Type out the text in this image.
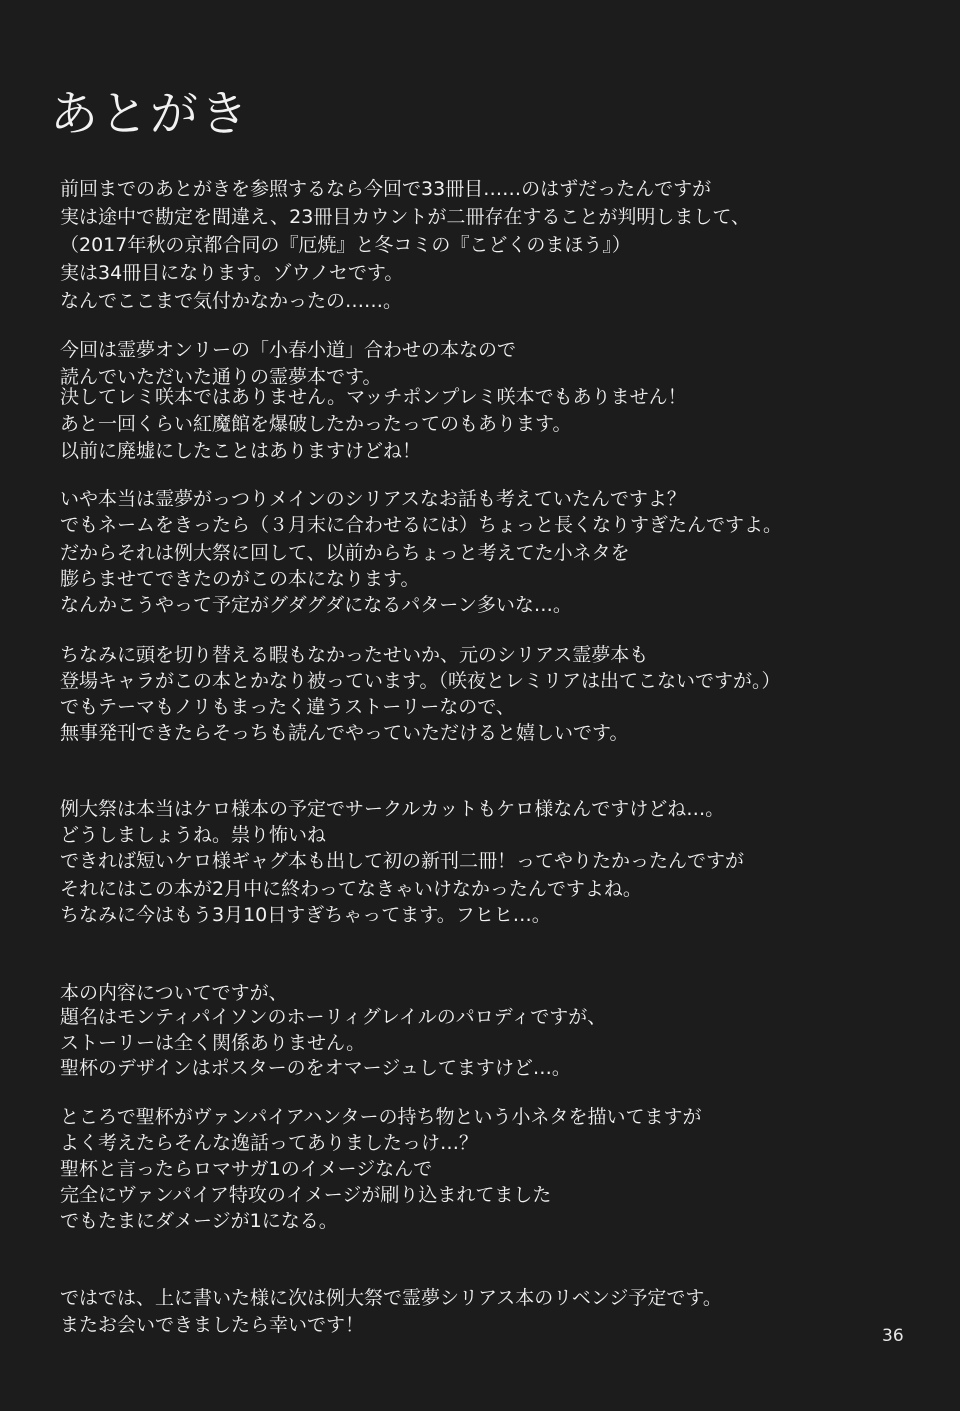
あとがき

前回までのあとがきを参照するなら今回で33冊目……のはずだったんですが

実は途中で勘定を間違え、23冊目カウントが二冊存在することが判明しまして、

（2017年秋の京都合同の『厄焼』と冬コミの『こどくのまほう』）

実は34冊目になります。ゾウノセです。

なんでここまで気付かなかったの……。

今回は霊夢オンリーの「小春小道」合わせの本なので

読んでいただいた通りの霊夢本です。

決してレミ咲本ではありません。マッチポンプレミ咲本でもありません！

あと一回くらい紅魔館を爆破したかったってのもあります。

以前に廃墟にしたことはありますけどね！

いや本当は霊夢がっつりメインのシリアスなお話も考えていたんですよ？

でもネームをきったら（３月末に合わせるには）ちょっと長くなりすぎたんですよ。

だからそれは例大祭に回して、以前からちょっと考えてた小ネタを

膨らませてできたのがこの本になります。

なんかこうやって予定がグダグダになるパターン多いな…。

ちなみに頭を切り替える暇もなかったせいか、元のシリアス霊夢本も

登場キャラがこの本とかなり被っています。（咲夜とレミリアは出てこないですが。）

でもテーマもノリもまったく違うストーリーなので、

無事発刊できたらそっちも読んでやっていただけると嬉しいです。

例大祭は本当はケロ様本の予定でサークルカットもケロ様なんですけどね…。

どうしましょうね。祟り怖いね

できれば短いケロ様ギャグ本も出して初の新刊二冊！ってやりたかったんですが

それにはこの本が2月中に終わってなきゃいけなかったんですよね。

ちなみに今はもう3月10日すぎちゃってます。フヒヒ…。

本の内容についてですが、

題名はモンティパイソンのホーリィグレイルのパロディですが、

ストーリーは全く関係ありません。

聖杯のデザインはポスターのをオマージュしてますけど…。

ところで聖杯がヴァンパイアハンターの持ち物という小ネタを描いてますが

よく考えたらそんな逸話ってありましたっけ…？

聖杯と言ったらロマサガ1のイメージなんで

完全にヴァンパイア特攻のイメージが刷り込まれてました

でもたまにダメージが1になる。

ではでは、上に書いた様に次は例大祭で霊夢シリアス本のリベンジ予定です。

またお会いできましたら幸いです！	36
